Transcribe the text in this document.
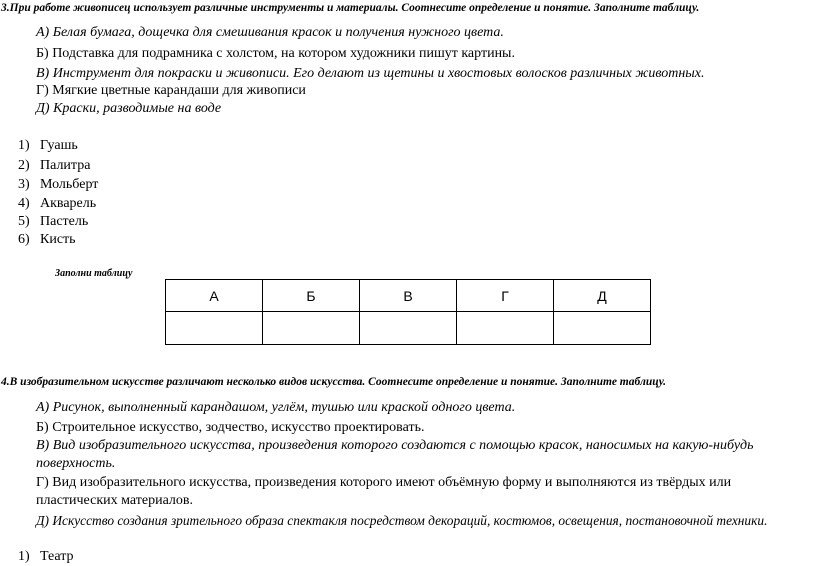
3.При работе живописец использует различные инструменты и материалы. Соотнесите определение и понятие. Заполните таблицу.
А) Белая бумага, дощечка для смешивания красок и получения нужного цвета.
Б) Подставка для подрамника с холстом, на котором художники пишут картины.
В) Инструмент для покраски и живописи. Его делают из щетины и хвостовых волосков различных животных.
Г) Мягкие цветные карандаши для живописи
Д) Краски, разводимые на воде
1) Гуашь
2) Палитра
3) Мольберт
4) Акварель
5) Пастель
6) Кисть
Заполни таблицу
А	Б	В	Г	Д

4.В изобразительном искусстве различают несколько видов искусства. Соотнесите определение и понятие. Заполните таблицу.
А) Рисунок, выполненный карандашом, углём, тушью или краской одного цвета.
Б) Строительное искусство, зодчество, искусство проектировать.
В) Вид изобразительного искусства, произведения которого создаются с помощью красок, наносимых на какую-нибудь
поверхность.
Г) Вид изобразительного искусства, произведения которого имеют объёмную форму и выполняются из твёрдых или
пластических материалов.
Д) Искусство создания зрительного образа спектакля посредством декораций, костюмов, освещения, постановочной техники.
1) Театр
